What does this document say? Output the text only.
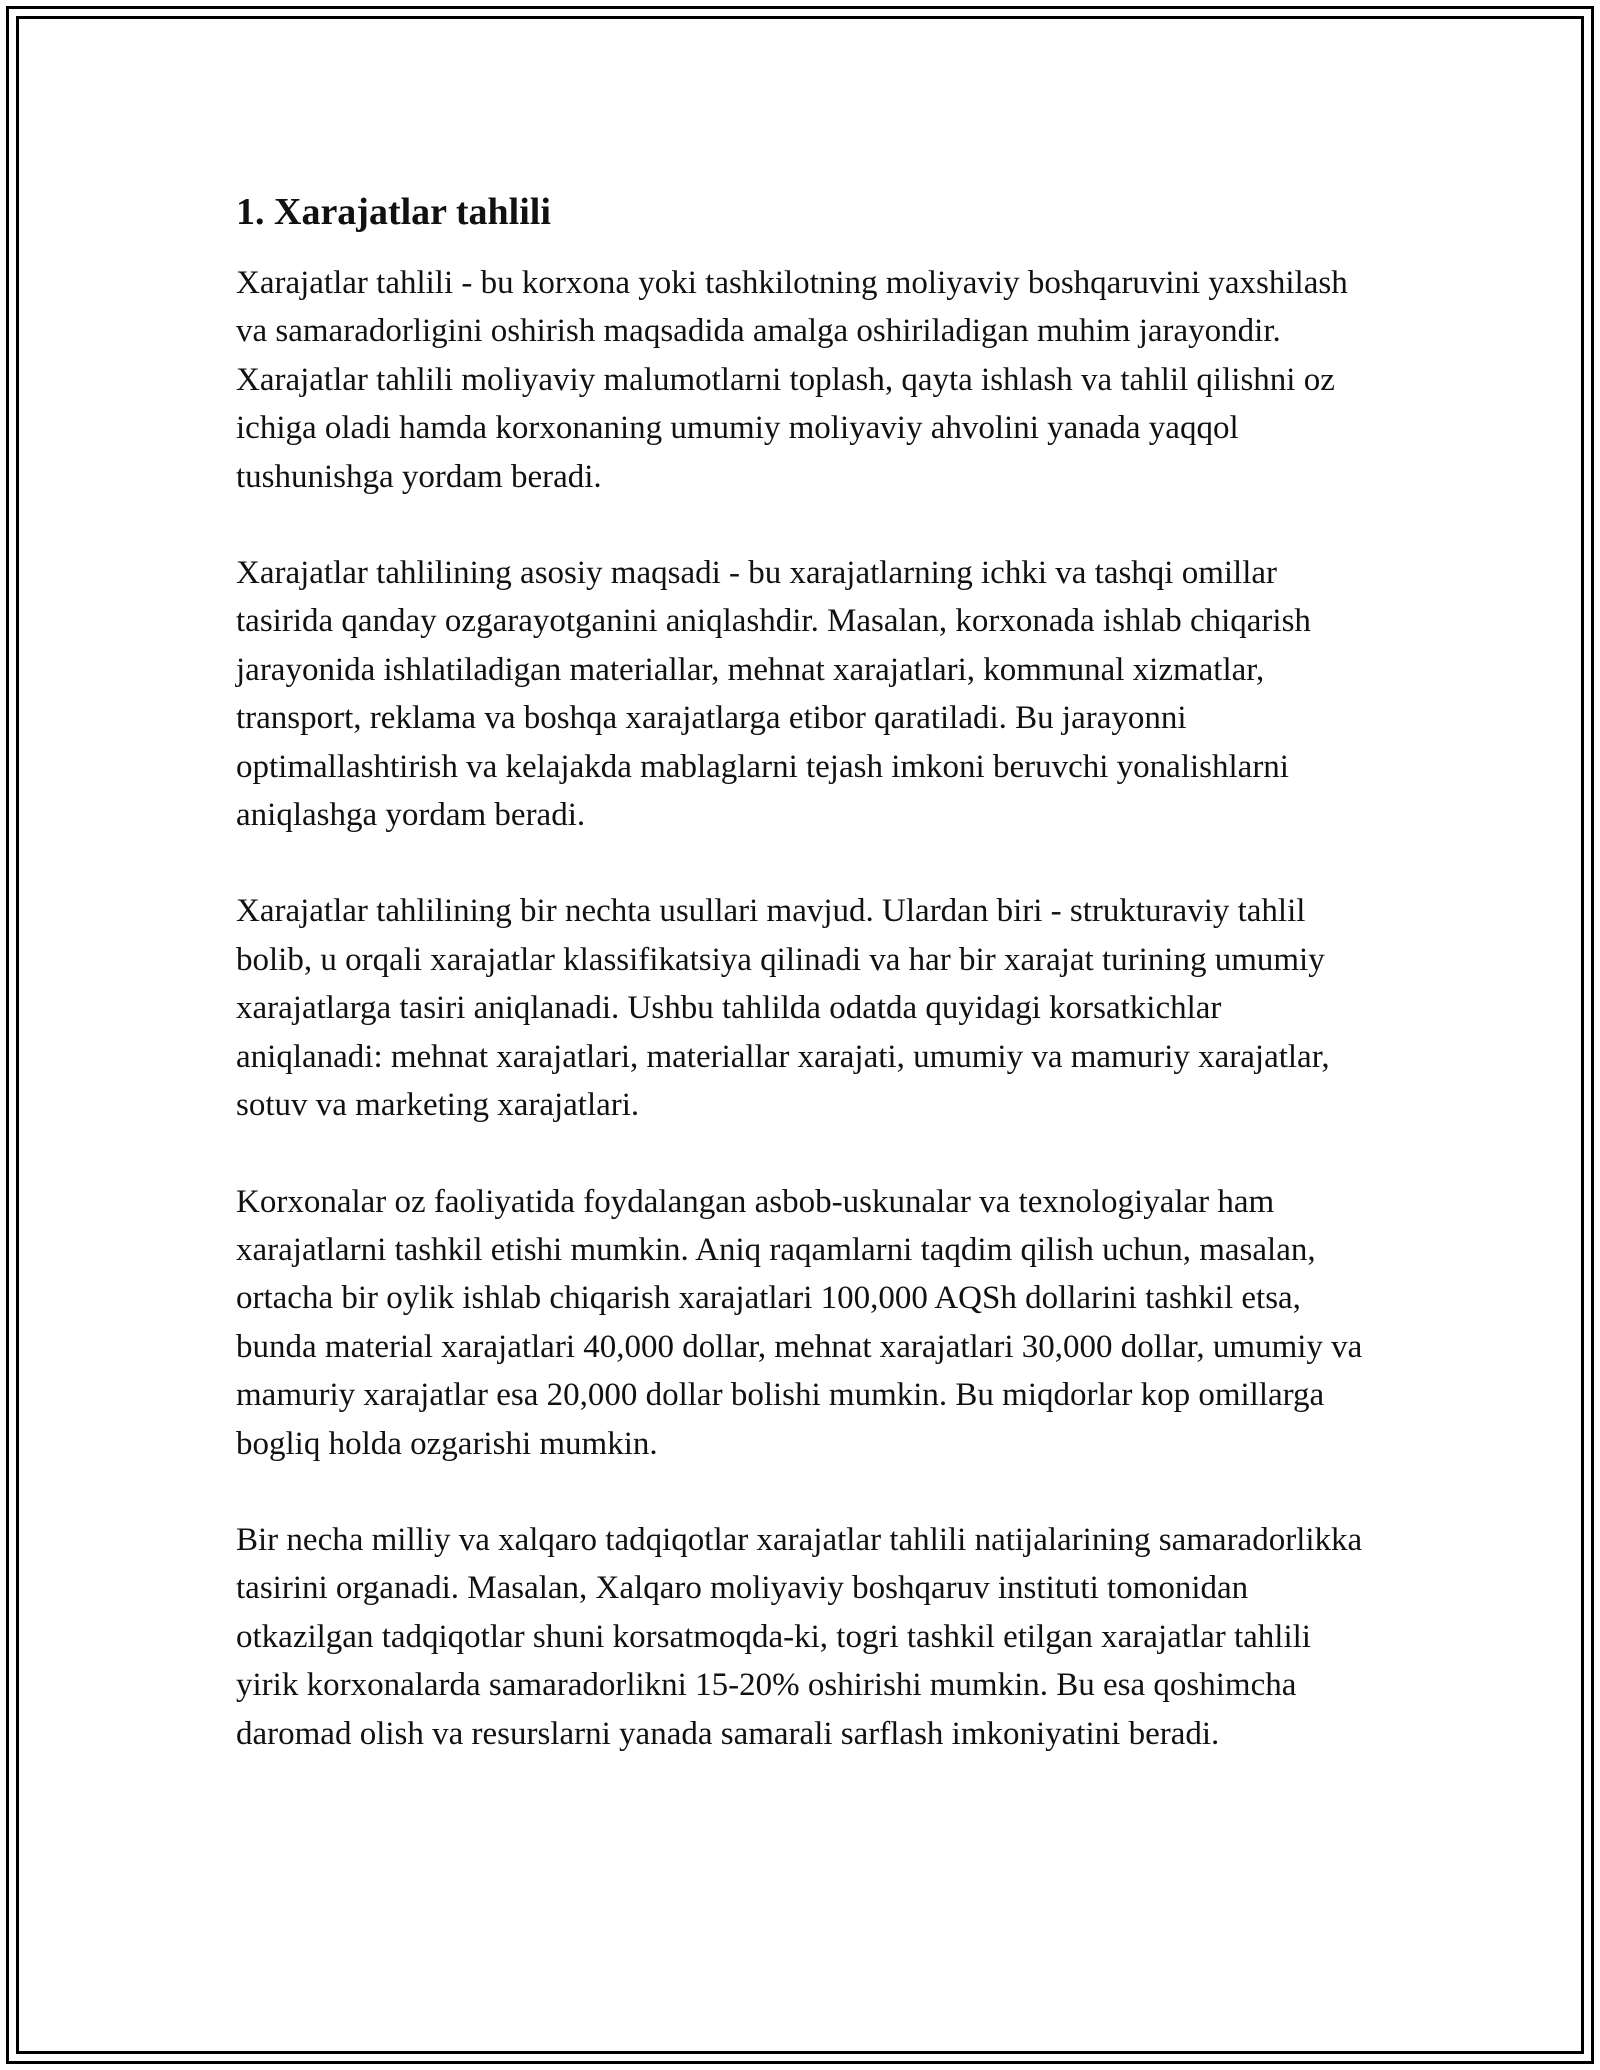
1. Xarajatlar tahlili

Xarajatlar tahlili - bu korxona yoki tashkilotning moliyaviy boshqaruvini yaxshilash va samaradorligini oshirish maqsadida amalga oshiriladigan muhim jarayondir. Xarajatlar tahlili moliyaviy malumotlarni toplash, qayta ishlash va tahlil qilishni oz ichiga oladi hamda korxonaning umumiy moliyaviy ahvolini yanada yaqqol tushunishga yordam beradi.

Xarajatlar tahlilining asosiy maqsadi - bu xarajatlarning ichki va tashqi omillar tasirida qanday ozgarayotganini aniqlashdir. Masalan, korxonada ishlab chiqarish jarayonida ishlatiladigan materiallar, mehnat xarajatlari, kommunal xizmatlar, transport, reklama va boshqa xarajatlarga etibor qaratiladi. Bu jarayonni optimallashtirish va kelajakda mablaglarni tejash imkoni beruvchi yonalishlarni aniqlashga yordam beradi.

Xarajatlar tahlilining bir nechta usullari mavjud. Ulardan biri - strukturaviy tahlil bolib, u orqali xarajatlar klassifikatsiya qilinadi va har bir xarajat turining umumiy xarajatlarga tasiri aniqlanadi. Ushbu tahlilda odatda quyidagi korsatkichlar aniqlanadi: mehnat xarajatlari, materiallar xarajati, umumiy va mamuriy xarajatlar, sotuv va marketing xarajatlari.

Korxonalar oz faoliyatida foydalangan asbob-uskunalar va texnologiyalar ham xarajatlarni tashkil etishi mumkin. Aniq raqamlarni taqdim qilish uchun, masalan, ortacha bir oylik ishlab chiqarish xarajatlari 100,000 AQSh dollarini tashkil etsa, bunda material xarajatlari 40,000 dollar, mehnat xarajatlari 30,000 dollar, umumiy va mamuriy xarajatlar esa 20,000 dollar bolishi mumkin. Bu miqdorlar kop omillarga bogliq holda ozgarishi mumkin.

Bir necha milliy va xalqaro tadqiqotlar xarajatlar tahlili natijalarining samaradorlikka tasirini organadi. Masalan, Xalqaro moliyaviy boshqaruv instituti tomonidan otkazilgan tadqiqotlar shuni korsatmoqda-ki, togri tashkil etilgan xarajatlar tahlili yirik korxonalarda samaradorlikni 15-20% oshirishi mumkin. Bu esa qoshimcha daromad olish va resurslarni yanada samarali sarflash imkoniyatini beradi.
